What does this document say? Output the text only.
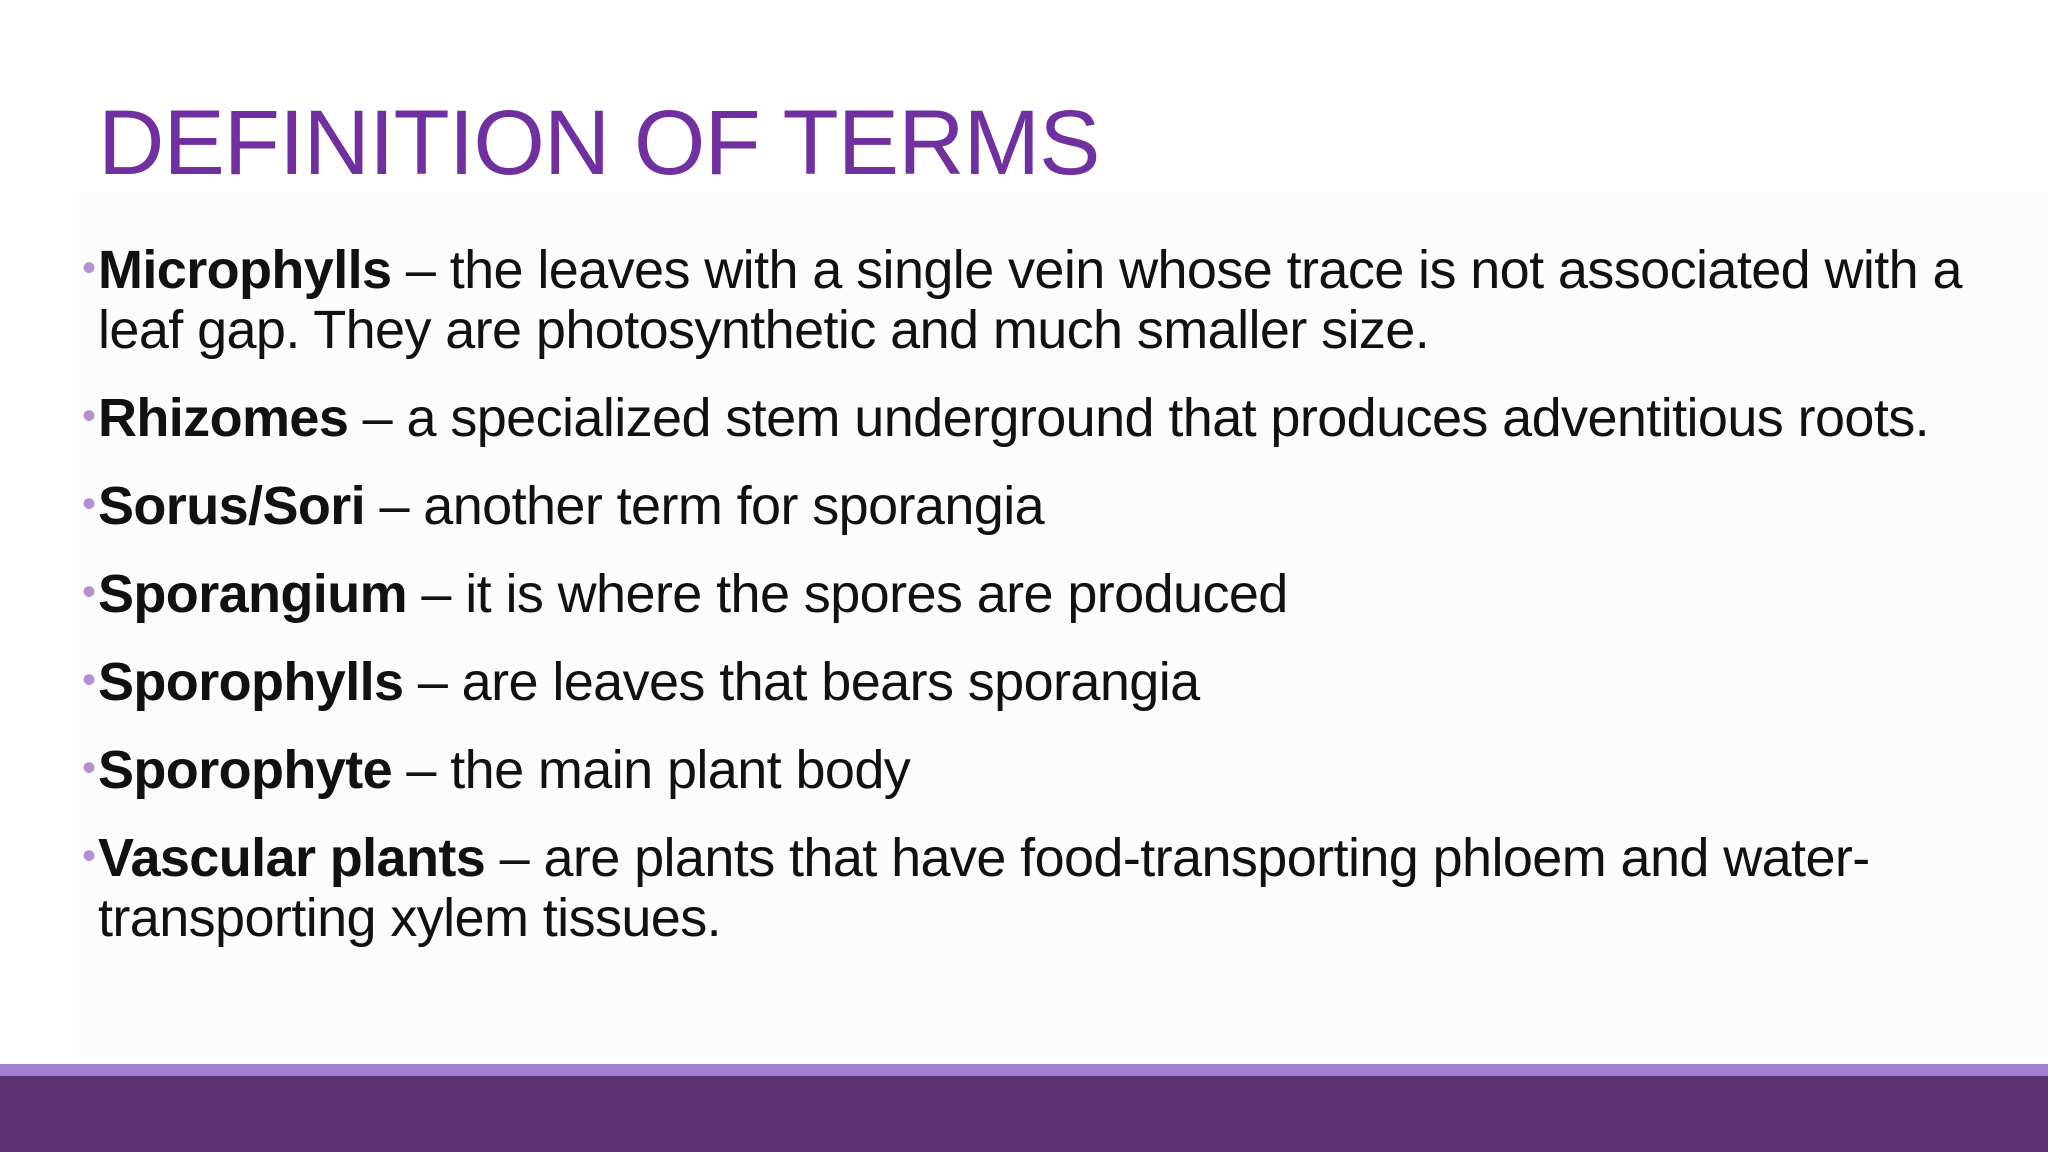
DEFINITION OF TERMS
• Microphylls – the leaves with a single vein whose trace is not associated with a leaf gap. They are photosynthetic and much smaller size.
• Rhizomes – a specialized stem underground that produces adventitious roots.
• Sorus/Sori – another term for sporangia
• Sporangium – it is where the spores are produced
• Sporophylls – are leaves that bears sporangia
• Sporophyte – the main plant body
• Vascular plants – are plants that have food-transporting phloem and water-transporting xylem tissues.
